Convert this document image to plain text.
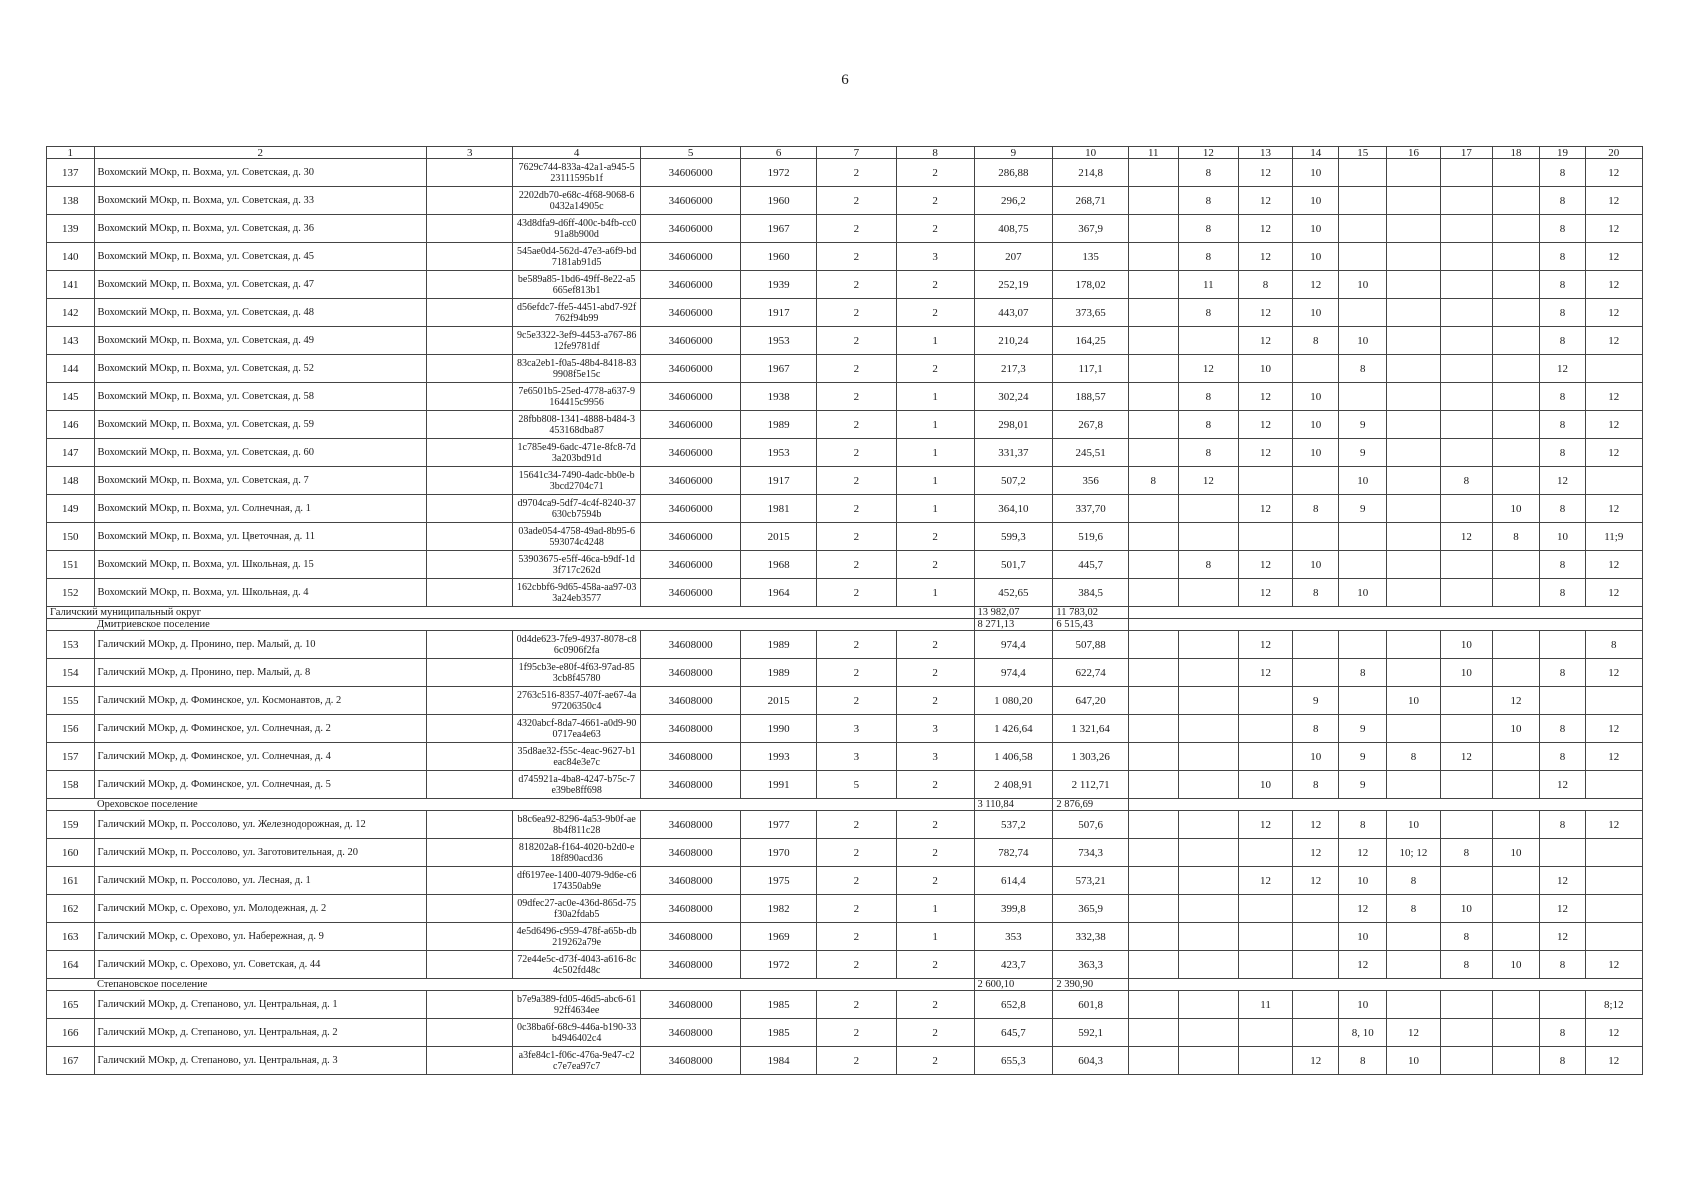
6
1	2	3	4	5	6	7	8	9	10	11	12	13	14	15	16	17	18	19	20
137	Вохомский МОкр, п. Вохма, ул. Советская, д. 30		7629c744-833a-42a1-a945-523111595b1f	34606000	1972	2	2	286,88	214,8		8	12	10					8	12
138	Вохомский МОкр, п. Вохма, ул. Советская, д. 33		2202db70-e68c-4f68-9068-60432a14905c	34606000	1960	2	2	296,2	268,71		8	12	10					8	12
139	Вохомский МОкр, п. Вохма, ул. Советская, д. 36		43d8dfa9-d6ff-400c-b4fb-cc091a8b900d	34606000	1967	2	2	408,75	367,9		8	12	10					8	12
140	Вохомский МОкр, п. Вохма, ул. Советская, д. 45		545ae0d4-562d-47e3-a6f9-bd7181ab91d5	34606000	1960	2	3	207	135		8	12	10					8	12
141	Вохомский МОкр, п. Вохма, ул. Советская, д. 47		be589a85-1bd6-49ff-8e22-a5665ef813b1	34606000	1939	2	2	252,19	178,02		11	8	12	10				8	12
142	Вохомский МОкр, п. Вохма, ул. Советская, д. 48		d56efdc7-ffe5-4451-abd7-92f762f94b99	34606000	1917	2	2	443,07	373,65		8	12	10					8	12
143	Вохомский МОкр, п. Вохма, ул. Советская, д. 49		9c5e3322-3ef9-4453-a767-8612fe9781df	34606000	1953	2	1	210,24	164,25			12	8	10				8	12
144	Вохомский МОкр, п. Вохма, ул. Советская, д. 52		83ca2eb1-f0a5-48b4-8418-839908f5e15c	34606000	1967	2	2	217,3	117,1		12	10		8				12	
145	Вохомский МОкр, п. Вохма, ул. Советская, д. 58		7e6501b5-25ed-4778-a637-9164415c9956	34606000	1938	2	1	302,24	188,57		8	12	10					8	12
146	Вохомский МОкр, п. Вохма, ул. Советская, д. 59		28fbb808-1341-4888-b484-3453168dba87	34606000	1989	2	1	298,01	267,8		8	12	10	9				8	12
147	Вохомский МОкр, п. Вохма, ул. Советская, д. 60		1c785e49-6adc-471e-8fc8-7d3a203bd91d	34606000	1953	2	1	331,37	245,51		8	12	10	9				8	12
148	Вохомский МОкр, п. Вохма, ул. Советская, д. 7		15641c34-7490-4adc-bb0e-b3bcd2704c71	34606000	1917	2	1	507,2	356	8	12			10		8		12	
149	Вохомский МОкр, п. Вохма, ул. Солнечная, д. 1		d9704ca9-5df7-4c4f-8240-37630cb7594b	34606000	1981	2	1	364,10	337,70			12	8	9			10	8	12
150	Вохомский МОкр, п. Вохма, ул. Цветочная, д. 11		03ade054-4758-49ad-8b95-6593074c4248	34606000	2015	2	2	599,3	519,6							12	8	10	11;9
151	Вохомский МОкр, п. Вохма, ул. Школьная, д. 15		53903675-e5ff-46ca-b9df-1d3f717c262d	34606000	1968	2	2	501,7	445,7		8	12	10					8	12
152	Вохомский МОкр, п. Вохма, ул. Школьная, д. 4		162cbbf6-9d65-458a-aa97-033a24eb3577	34606000	1964	2	1	452,65	384,5			12	8	10				8	12
Галичский муниципальный округ								13 982,07	11 783,02										
Дмитриевское поселение								8 271,13	6 515,43										
153	Галичский МОкр, д. Пронино, пер. Малый, д. 10		0d4de623-7fe9-4937-8078-c86c0906f2fa	34608000	1989	2	2	974,4	507,88			12				10			8
154	Галичский МОкр, д. Пронино, пер. Малый, д. 8		1f95cb3e-e80f-4f63-97ad-853cb8f45780	34608000	1989	2	2	974,4	622,74			12		8		10		8	12
155	Галичский МОкр, д. Фоминское, ул. Космонавтов, д. 2		2763c516-8357-407f-ae67-4a97206350c4	34608000	2015	2	2	1 080,20	647,20				9		10		12		
156	Галичский МОкр, д. Фоминское, ул. Солнечная, д. 2		4320abcf-8da7-4661-a0d9-900717ea4e63	34608000	1990	3	3	1 426,64	1 321,64				8	9			10	8	12
157	Галичский МОкр, д. Фоминское, ул. Солнечная, д. 4		35d8ae32-f55c-4eac-9627-b1eac84e3e7c	34608000	1993	3	3	1 406,58	1 303,26				10	9	8	12		8	12
158	Галичский МОкр, д. Фоминское, ул. Солнечная, д. 5		d745921a-4ba8-4247-b75c-7e39be8ff698	34608000	1991	5	2	2 408,91	2 112,71			10	8	9				12	
Ореховское поселение								3 110,84	2 876,69										
159	Галичский МОкр, п. Россолово, ул. Железнодорожная, д. 12		b8c6ea92-8296-4a53-9b0f-ae8b4f811c28	34608000	1977	2	2	537,2	507,6			12	12	8	10			8	12
160	Галичский МОкр, п. Россолово, ул. Заготовительная, д. 20		818202a8-f164-4020-b2d0-e18f890acd36	34608000	1970	2	2	782,74	734,3				12	12	10; 12	8	10		
161	Галичский МОкр, п. Россолово, ул. Лесная, д. 1		df6197ee-1400-4079-9d6e-c6174350ab9e	34608000	1975	2	2	614,4	573,21			12	12	10	8			12	
162	Галичский МОкр, с. Орехово, ул. Молодежная, д. 2		09dfec27-ac0e-436d-865d-75f30a2fdab5	34608000	1982	2	1	399,8	365,9					12	8	10		12	
163	Галичский МОкр, с. Орехово, ул. Набережная, д. 9		4e5d6496-c959-478f-a65b-db219262a79e	34608000	1969	2	1	353	332,38					10		8		12	
164	Галичский МОкр, с. Орехово, ул. Советская, д. 44		72e44e5c-d73f-4043-a616-8c4c502fd48c	34608000	1972	2	2	423,7	363,3					12		8	10	8	12
Степановское поселение								2 600,10	2 390,90										
165	Галичский МОкр, д. Степаново, ул. Центральная, д. 1		b7e9a389-fd05-46d5-abc6-6192ff4634ee	34608000	1985	2	2	652,8	601,8			11		10					8;12
166	Галичский МОкр, д. Степаново, ул. Центральная, д. 2		0c38ba6f-68c9-446a-b190-33b4946402c4	34608000	1985	2	2	645,7	592,1					8, 10	12			8	12
167	Галичский МОкр, д. Степаново, ул. Центральная, д. 3		a3fe84c1-f06c-476a-9e47-c2c7e7ea97c7	34608000	1984	2	2	655,3	604,3				12	8	10			8	12
